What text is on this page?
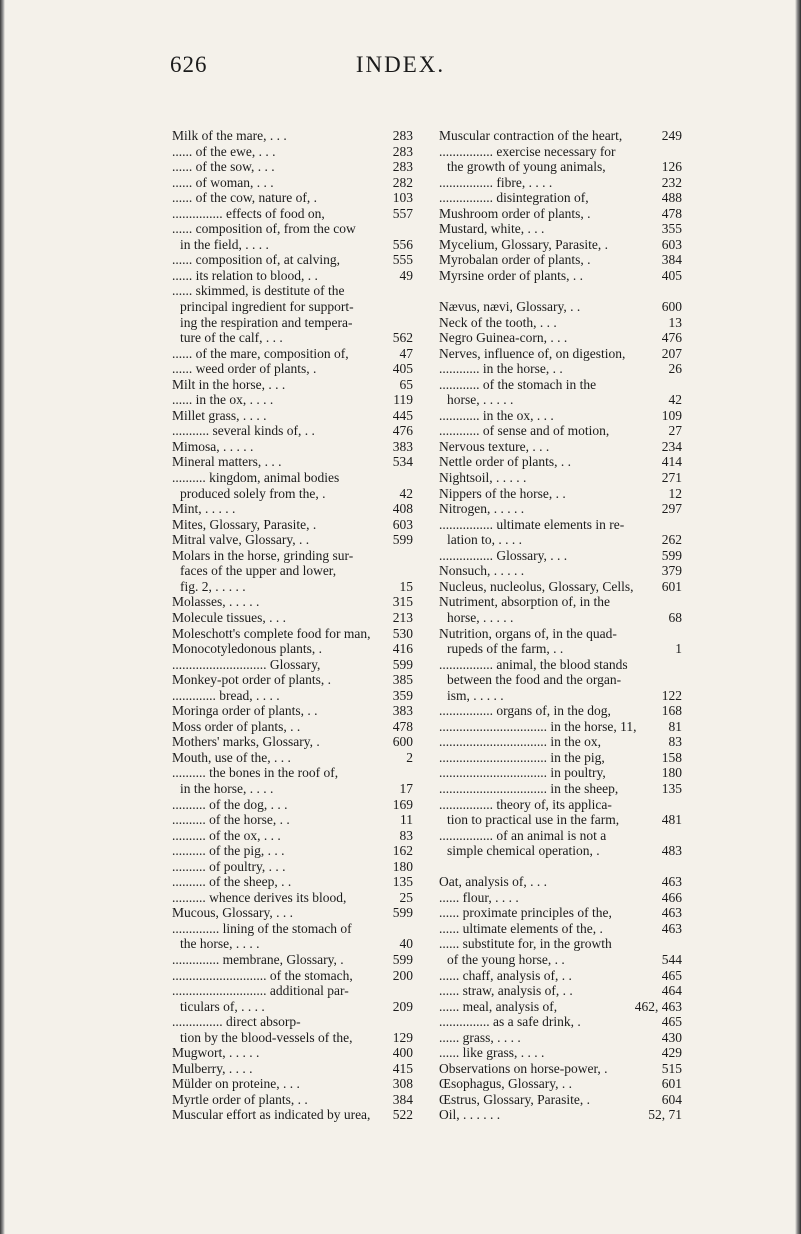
INDEX.
626
Milk of the mare, . . .	283
...... of the ewe, . . .	283
...... of the sow, . . .	283
...... of woman, . . .	282
...... of the cow, nature of, .	103
............... effects of food on,	557
...... composition of, from the cow
in the field, . . . .	556
...... composition of, at calving,	555
...... its relation to blood, . .	49
...... skimmed, is destitute of the
principal ingredient for support-
ing the respiration and tempera-
ture of the calf, . . .	562
...... of the mare, composition of,	47
...... weed order of plants, .	405
Milt in the horse, . . .	65
...... in the ox, . . . .	119
Millet grass, . . . .	445
........... several kinds of, . .	476
Mimosa, . . . . .	383
Mineral matters, . . .	534
.......... kingdom, animal bodies
produced solely from the, .	42
Mint, . . . . .	408
Mites, Glossary, Parasite, .	603
Mitral valve, Glossary, . .	599
Molars in the horse, grinding sur-
faces of the upper and lower,
fig. 2, . . . . .	15
Molasses, . . . . .	315
Molecule tissues, . . .	213
Moleschott's complete food for man, 530
Monocotyledonous plants, .	416
............................ Glossary,	599
Monkey-pot order of plants, .	385
............. bread, . . . .	359
Moringa order of plants, . .	383
Moss order of plants, . .	478
Mothers' marks, Glossary, .	600
Mouth, use of the, . . .	2
.......... the bones in the roof of,
in the horse, . . . .	17
.......... of the dog, . . .	169
.......... of the horse, . .	11
.......... of the ox, . . .	83
.......... of the pig, . . .	162
.......... of poultry, . . .	180
.......... of the sheep, . .	135
.......... whence derives its blood,	25
Mucous, Glossary, . . .	599
.............. lining of the stomach of
the horse, . . . .	40
.............. membrane, Glossary, .	599
............................ of the stomach,	200
............................ additional par-
ticulars of, . . . .	209
............... direct absorp-
tion by the blood-vessels of the,	129
Mugwort, . . . . .	400
Mulberry, . . . .	415
Mülder on proteine, . . .	308
Myrtle order of plants, . .	384
Muscular effort as indicated by urea, 522
Muscular contraction of the heart,	249
................ exercise necessary for
the growth of young animals,	126
................ fibre, . . . .	232
................ disintegration of,	488
Mushroom order of plants, .	478
Mustard, white, . . .	355
Mycelium, Glossary, Parasite, .	603
Myrobalan order of plants, .	384
Myrsine order of plants, . .	405
Nævus, nævi, Glossary, . .	600
Neck of the tooth, . . .	13
Negro Guinea-corn, . . .	476
Nerves, influence of, on digestion,	207
............ in the horse, . .	26
............ of the stomach in the
horse, . . . . .	42
............ in the ox, . . .	109
............ of sense and of motion,	27
Nervous texture, . . .	234
Nettle order of plants, . .	414
Nightsoil, . . . . .	271
Nippers of the horse, . .	12
Nitrogen, . . . . .	297
................ ultimate elements in re-
lation to, . . . .	262
................ Glossary, . . .	599
Nonsuch, . . . . .	379
Nucleus, nucleolus, Glossary, Cells, 601
Nutriment, absorption of, in the
horse, . . . . .	68
Nutrition, organs of, in the quad-
rupeds of the farm, . .	1
................ animal, the blood stands
between the food and the organ-
ism, . . . . .	122
................ organs of, in the dog,	168
................................ in the horse, 11, 81
................................ in the ox,	83
................................ in the pig,	158
................................ in poultry,	180
................................ in the sheep,	135
................ theory of, its applica-
tion to practical use in the farm,	481
................ of an animal is not a
simple chemical operation, .	483
Oat, analysis of, . . .	463
...... flour, . . . .	466
...... proximate principles of the,	463
...... ultimate elements of the, .	463
...... substitute for, in the growth
of the young horse, . .	544
...... chaff, analysis of, . .	465
...... straw, analysis of, . .	464
...... meal, analysis of,	462, 463
............... as a safe drink, .	465
...... grass, . . . .	430
...... like grass, . . . .	429
Observations on horse-power, .	515
Œsophagus, Glossary, . .	601
Œstrus, Glossary, Parasite, .	604
Oil, . . . . . .	52, 71
